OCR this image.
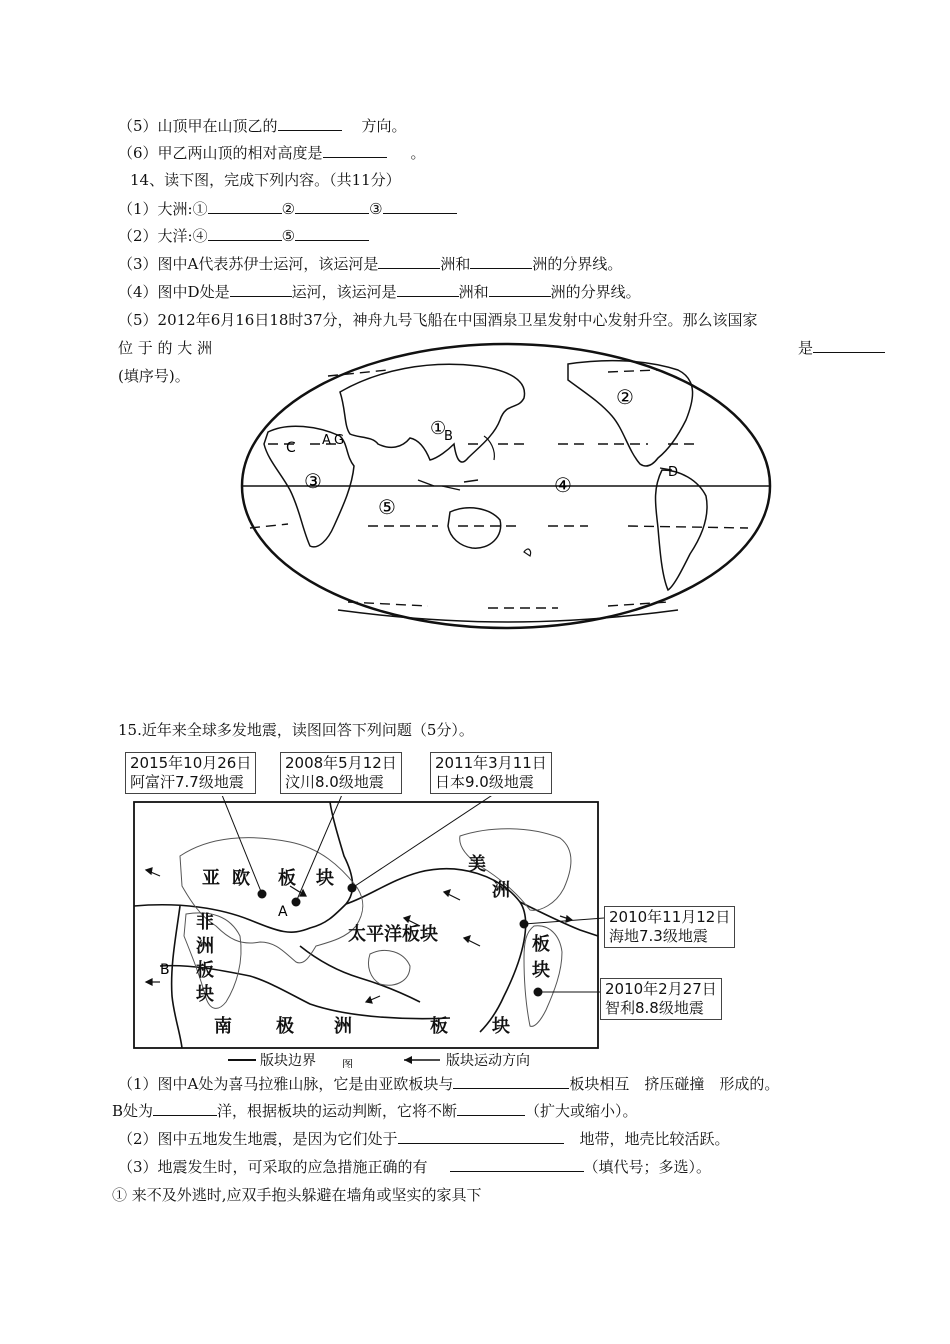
（5）山顶甲在山顶乙的	方向。
（6）甲乙两山顶的相对高度是	。
14、读下图，完成下列内容。（共11分）
（1）大洲:①	②	③
（2）大洋:④	⑤
（3）图中A代表苏伊士运河，该运河是	洲和	洲的分界线。
（4）图中D处是	运河，该运河是	洲和	洲的分界线。
（5）2012年6月16日18时37分，神舟九号飞船在中国酒泉卫星发射中心发射升空。那么该国家
位 于 的 大 洲	是
(填序号)。
①
B
②
③	④
⑤
C A G
D
15.近年来全球多发地震，读图回答下列问题（5分）。
2015年10月26日
阿富汗7.7级地震
2008年5月12日
汶川8.0级地震
2011年3月11日
日本9.0级地震
亚 欧 板 块
非
洲
板
块
太平洋板块
美
洲
板
块
南 极 洲	板 块
A
B
版块边界 图	版块运动方向
2010年11月12日
海地7.3级地震
2010年2月27日
智利8.8级地震
（1）图中A处为喜马拉雅山脉，它是由亚欧板块与	板块相互　挤压碰撞　形成的。
B处为	洋，根据板块的运动判断，它将不断	（扩大或缩小）。
（2）图中五地发生地震，是因为它们处于	地带，地壳比较活跃。
（3）地震发生时，可采取的应急措施正确的有	（填代号；多选）。
① 来不及外逃时,应双手抱头躲避在墙角或坚实的家具下
